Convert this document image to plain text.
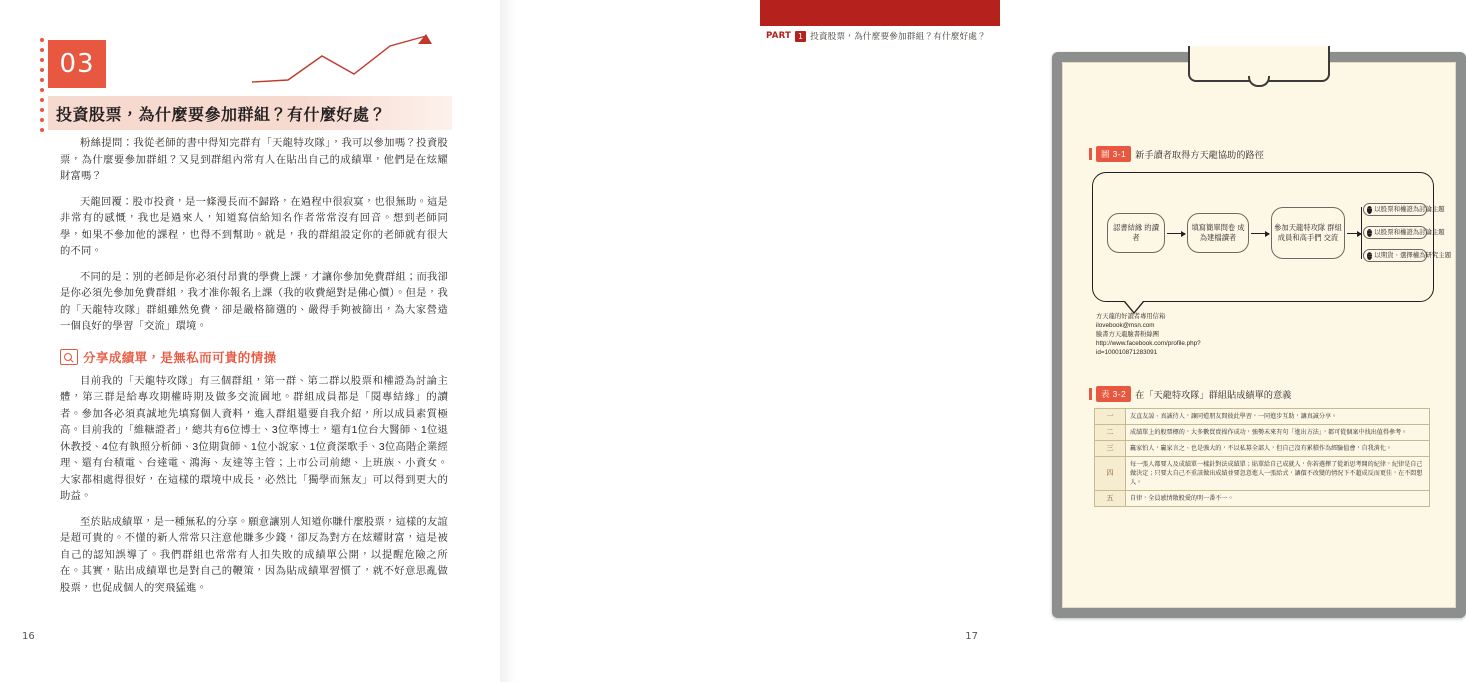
03
投資股票，為什麼要參加群組？有什麼好處？

粉絲提問：我從老師的書中得知完群有「天龍特攻隊」，我可以參加嗎？投資股票，為什麼要參加群組？又見到群組內常有人在貼出自己的成績單，他們是在炫耀財富嗎？

天龍回覆：股市投資，是一條漫長而不歸路，在過程中很寂寞，也很無助。這是非常有的感慨，我也是過來人，知道寫信給知名作者常常沒有回音。想到老師同學，如果不參加他的課程，也得不到幫助。就是，我的群組設定你的老師就有很大的不同。

不同的是：別的老師是你必須付昂貴的學費上課，才讓你參加免費群組；而我卻是你必須先參加免費群組，我才准你報名上課（我的收費絕對是佛心價）。但是，我的「天龍特攻隊」群組雖然免費，卻是嚴格篩選的、嚴得手夠被篩出，為大家營造一個良好的學習「交流」環境。

分享成績單，是無私而可貴的情操

目前我的「天龍特攻隊」有三個群組，第一群、第二群以股票和權證為討論主體，第三群是給專攻期權時期及做多交流園地。群組成員都是「閱專結緣」的讀者。參加各必須真誠地先填寫個人資料，進入群組還要自我介紹，所以成員素質極高。目前我的「維糖證者」，總共有6位博士、3位準博士，還有1位台大醫師、1位退休教授、4位有執照分析師、3位期貨師、1位小說家、1位資深歌手、3位高階企業經理、還有台積電、台達電、鴻海、友達等主管；上市公司前總、上班族、小資女。大家都相處得很好，在這樣的環境中成長，必然比「獨學而無友」可以得到更大的助益。

至於貼成績單，是一種無私的分享。願意讓別人知道你賺什麼股票，這樣的友誼是超可貴的。不懂的新人常常只注意他賺多少錢，卻反為對方在炫耀財富，這是被自己的認知誤導了。我們群組也常常有人扣失敗的成績單公開，以提醒危險之所在。其實，貼出成績單也是對自己的鞭策，因為貼成績單習慣了，就不好意思亂做股票，也促成個人的突飛猛進。

16
PART 1 投資股票，為什麼要參加群組？有什麼好處？
圖 3-1 新手讀者取得方天龍協助的路徑
認書結緣 的讀者
填寫簡單問卷 成為建檔讀者
參加天龍特攻隊 群組成員和高手們 交流
一 以股票和權證為討論主題
二 以股票和權證為討論主題
三 以期貨、選擇權為研究主題
方天龍的好讀者專用信箱
ilovebook@msn.com
臉書方天龍臉書粉絲團
http://www.facebook.com/profile.php?id=100010871283091
表 3-2 在「天龍特攻隊」群組貼成績單的意義
一	友直友諒、真誠待人，讓同道朋友間彼此學習，一同進步互助，讓真誠分享。
二	成績單上的股票標的，大多數買賣操作成功，強勢未來有句「進出方法」，都可從個案中找出值得參考。
三	贏家怕人，贏家言之、也是強大的，不以私募全部人，但自己沒有累積作為經驗值會，自我消化。
四	每一張人都要入及成績單一樣針對法成績單；貼單給自己成就入，你若選擇了從新思考開的紀律，紀律是自己做決定；只要大自己不重該做出成績並要忽意進入一張給式，讓價不改變的情況下不超成反而更佳，在不悶想入。
五	自律，全員感情散股愛的明一番不一。
17
